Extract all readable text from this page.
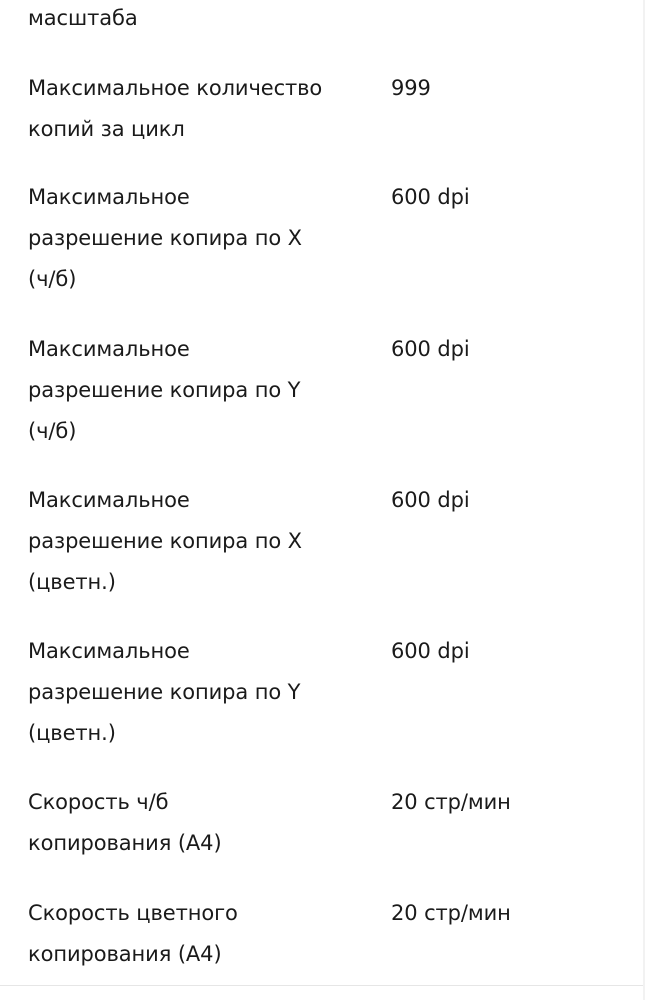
масштаба
Максимальное количество копий за цикл
999
Максимальное разрешение копира по X (ч/б)
600 dpi
Максимальное разрешение копира по Y (ч/б)
600 dpi
Максимальное разрешение копира по X (цветн.)
600 dpi
Максимальное разрешение копира по Y (цветн.)
600 dpi
Скорость ч/б копирования (A4)
20 стр/мин
Скорость цветного копирования (A4)
20 стр/мин
